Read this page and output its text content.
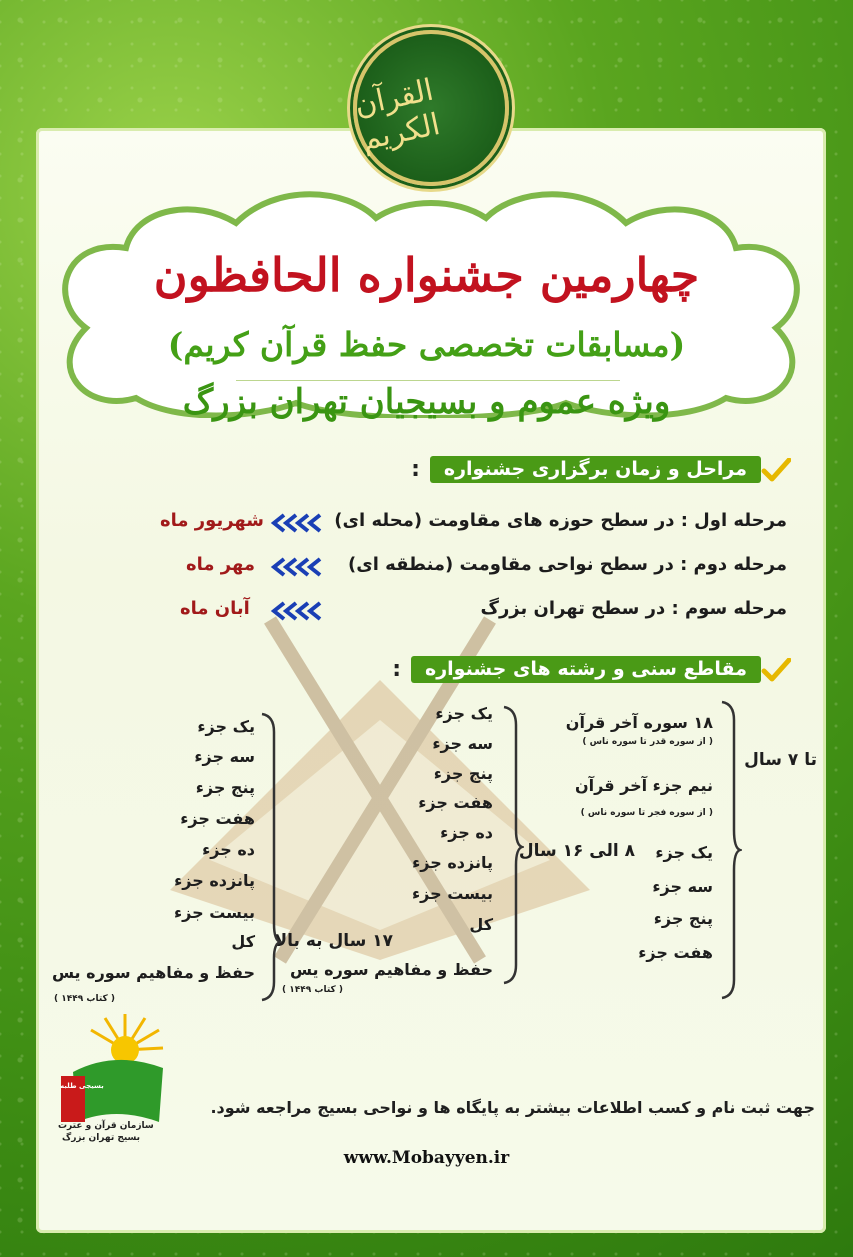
القرآن الكريم
چهارمین جشنواره الحافظون
(مسابقات تخصصی حفظ قرآن کریم)
ویژه عموم و بسیجیان تهران بزرگ
مراحل و زمان برگزاری جشنواره
:
مرحله اول : در سطح حوزه های مقاومت (محله ای)
شهریور ماه
مرحله دوم : در سطح نواحی مقاومت (منطقه ای)
مهر ماه
مرحله سوم : در سطح تهران بزرگ
آبان ماه
مقاطع سنی و رشته های جشنواره
:
تا ۷ سال
۱۸ سوره آخر قرآن
( از سوره قدر تا سوره ناس )
نیم جزء آخر قرآن
( از سوره فجر تا سوره ناس )
یک جزء
سه جزء
پنج جزء
هفت جزء
۸ الی ۱۶ سال
یک جزء
سه جزء
پنج جزء
هفت جزء
ده جزء
پانزده جزء
بیست جزء
کل
حفظ و مفاهیم سوره یس
( کتاب ۱۴۴۹ )
۱۷ سال به بالا
یک جزء
سه جزء
پنج جزء
هفت جزء
ده جزء
پانزده جزء
بیست جزء
کل
حفظ و مفاهیم سوره یس
( کتاب ۱۴۴۹ )
سازمان قرآن و عترت
بسیج تهران بزرگ
بسیجی طلبه
جهت ثبت نام و کسب اطلاعات بیشتر به پایگاه ها و نواحی بسیج مراجعه شود.
www.Mobayyen.ir
